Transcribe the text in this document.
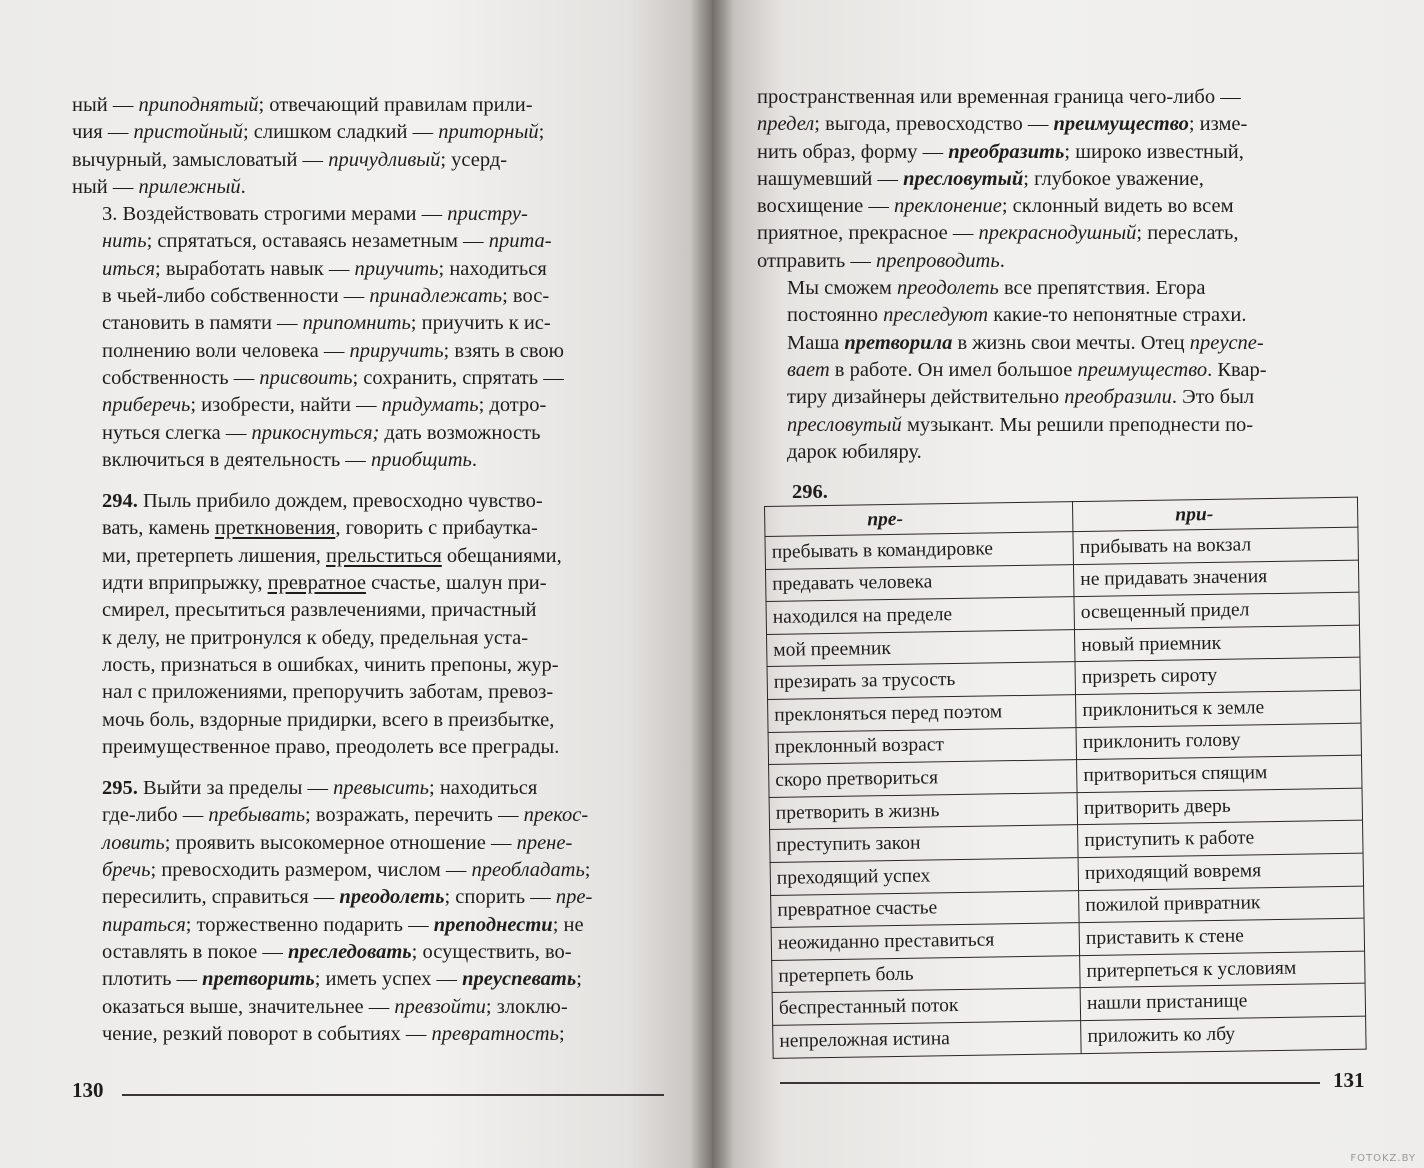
ный — приподнятый; отвечающий правилам прили-

чия — пристойный; слишком сладкий — приторный;

вычурный, замысловатый — причудливый; усерд-

ный — прилежный.

3. Воздействовать строгими мерами — пристру-

нить; спрятаться, оставаясь незаметным — прита-

иться; выработать навык — приучить; находиться

в чьей-либо собственности — принадлежать; вос-

становить в памяти — припомнить; приучить к ис-

полнению воли человека — приручить; взять в свою

собственность — присвоить; сохранить, спрятать —

приберечь; изобрести, найти — придумать; дотро-

нуться слегка — прикоснуться; дать возможность

включиться в деятельность — приобщить.

294. Пыль прибило дождем, превосходно чувство-

вать, камень преткновения, говорить с прибаутка-

ми, претерпеть лишения, прельститься обещаниями,

идти вприпрыжку, превратное счастье, шалун при-

смирел, пресытиться развлечениями, причастный

к делу, не притронулся к обеду, предельная уста-

лость, признаться в ошибках, чинить препоны, жур-

нал с приложениями, препоручить заботам, превоз-

мочь боль, вздорные придирки, всего в преизбытке,

преимущественное право, преодолеть все преграды.

295. Выйти за пределы — превысить; находиться

где-либо — пребывать; возражать, перечить — прекос-

ловить; проявить высокомерное отношение — прене-

бречь; превосходить размером, числом — преобладать;

пересилить, справиться — преодолеть; спорить — пре-

пираться; торжественно подарить — преподнести; не

оставлять в покое — преследовать; осуществить, во-

плотить — претворить; иметь успех — преуспевать;

оказаться выше, значительнее — превзойти; злоклю-

чение, резкий поворот в событиях — превратность;

130

пространственная или временная граница чего-либо —

предел; выгода, превосходство — преимущество; изме-

нить образ, форму — преобразить; широко известный,

нашумевший — пресловутый; глубокое уважение,

восхищение — преклонение; склонный видеть во всем

приятное, прекрасное — прекраснодушный; переслать,

отправить — препроводить.

Мы сможем преодолеть все препятствия. Егора

постоянно преследуют какие-то непонятные страхи.

Маша претворила в жизнь свои мечты. Отец преуспе-

вает в работе. Он имел большое преимущество. Квар-

тиру дизайнеры действительно преобразили. Это был

пресловутый музыкант. Мы решили преподнести по-

дарок юбиляру.

296.
пре-	при-
пребывать в командировке	прибывать на вокзал
предавать человека	не придавать значения
находился на пределе	освещенный придел
мой преемник	новый приемник
презирать за трусость	призреть сироту
преклоняться перед поэтом	приклониться к земле
преклонный возраст	приклонить голову
скоро претвориться	притвориться спящим
претворить в жизнь	притворить дверь
преступить закон	приступить к работе
преходящий успех	приходящий вовремя
превратное счастье	пожилой привратник
неожиданно преставиться	приставить к стене
претерпеть боль	притерпеться к условиям
беспрестанный поток	нашли пристанище
непреложная истина	приложить ко лбу
131
FOTOKZ.BY
